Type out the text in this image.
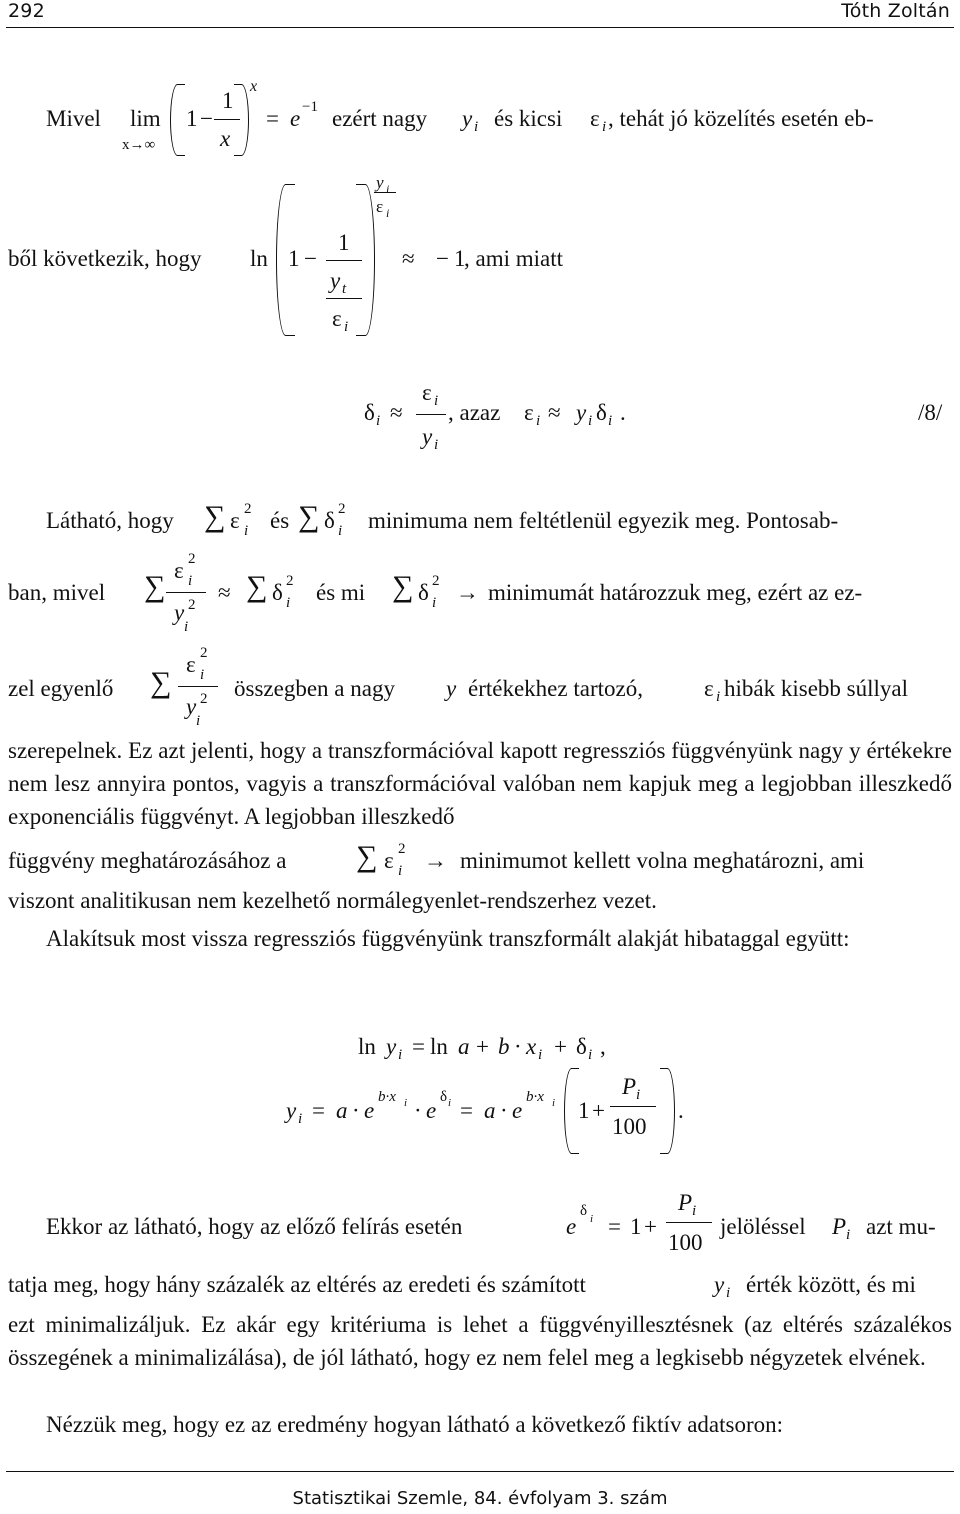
292	Tóth Zoltán
Mivel lim
x→∞
1 −
1
x
x
= e −1 ezért nagy y i és kicsi ε i , tehát jó közelítés esetén eb-
ből következik, hogy ln 1 −
1
y t
ε i
y i
ε i
≈ − 1
, ami miatt
δ i ≈
ε i
y i
, azaz ε i ≈ y i δ i .	/8/
Látható, hogy ∑ ε 2
i és ∑ δ 2
i minimuma nem feltétlenül egyezik meg. Pontosab-
ban, mivel ∑ ε 2
i
y 2
i
≈ ∑ δ 2
i és mi ∑ δ 2
i → minimumát határozzuk meg, ezért az ez-
zel egyenlő ∑
ε 2
i
y 2
i
összegben a nagy y értékekhez tartozó,	ε i hibák kisebb súllyal
szerepelnek. Ez azt jelenti, hogy a transzformációval kapott regressziós függvényünk nagy y értékekre nem lesz annyira pontos, vagyis a transzformációval valóban nem kapjuk meg a legjobban illeszkedő exponenciális függvényt. A legjobban illeszkedő
függvény meghatározásához a ∑ ε 2
i → minimumot kellett volna meghatározni, ami
viszont analitikusan nem kezelhető normálegyenlet-rendszerhez vezet.
Alakítsuk most vissza regressziós függvényünk transzformált alakját hibataggal együtt:
ln y i = ln a + b · x i + δ i ,
y i = a · e
b·x i · e
δ i = a · e
b·x i 1 +
P i
100
.
Ekkor az látható, hogy az előző felírás esetén	e
δ i = 1 +
P i
100
jelöléssel P i azt mu-
tatja meg, hogy hány százalék az eltérés az eredeti és számított	y i érték között, és mi
ezt minimalizáljuk. Ez akár egy kritériuma is lehet a függvényillesztésnek (az eltérés százalékos összegének a minimalizálása), de jól látható, hogy ez nem felel meg a legkisebb négyzetek elvének.
Nézzük meg, hogy ez az eredmény hogyan látható a következő fiktív adatsoron:
Statisztikai Szemle, 84. évfolyam 3. szám
